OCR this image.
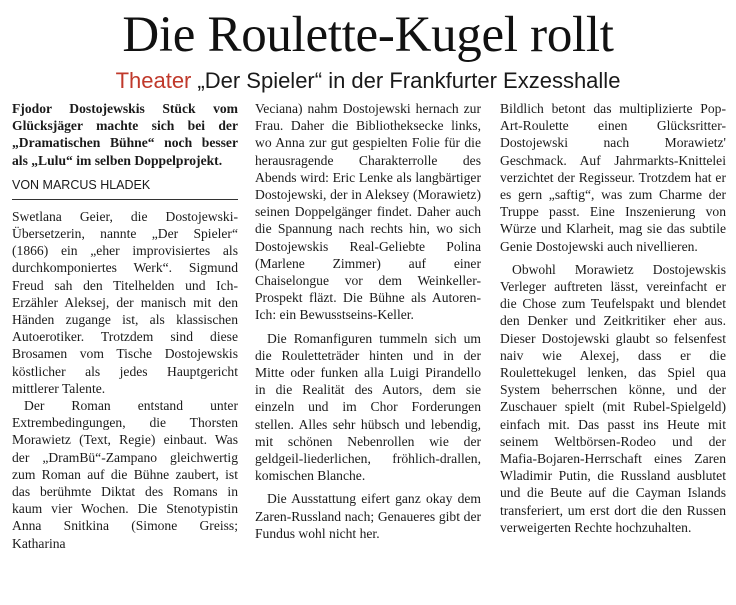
Die Roulette-Kugel rollt
Theater „Der Spieler“ in der Frankfurter Exzesshalle

Fjodor Dostojewskis Stück vom Glücksjäger machte sich bei der „Dramatischen Bühne“ noch besser als „Lulu“ im selben Doppelprojekt.

VON MARCUS HLADEK

Swetlana Geier, die Dostojewski-Übersetzerin, nannte „Der Spieler“ (1866) ein „eher improvisiertes als durchkomponiertes Werk“. Sigmund Freud sah den Titelhelden und Ich-Erzähler Aleksej, der manisch mit den Händen zugange ist, als klassischen Autoerotiker. Trotzdem sind diese Brosamen vom Tische Dostojewskis köstlicher als jedes Hauptgericht mittlerer Talente.

Der Roman entstand unter Extrembedingungen, die Thorsten Morawietz (Text, Regie) einbaut. Was der „DramBü“-Zampano gleichwertig zum Roman auf die Bühne zaubert, ist das berühmte Diktat des Romans in kaum vier Wochen. Die Stenotypistin Anna Snitkina (Simone Greiss; Katharina

Veciana) nahm Dostojewski hernach zur Frau. Daher die Bibliotheksecke links, wo Anna zur gut gespielten Folie für die herausragende Charakterrolle des Abends wird: Eric Lenke als langbärtiger Dostojewski, der in Aleksey (Morawietz) seinen Doppelgänger findet. Daher auch die Spannung nach rechts hin, wo sich Dostojewskis Real-Geliebte Polina (Marlene Zimmer) auf einer Chaiselongue vor dem Weinkeller-Prospekt fläzt. Die Bühne als Autoren-Ich: ein Bewusstseins-Keller.

Die Romanfiguren tummeln sich um die Rouletteträder hinten und in der Mitte oder funken alla Luigi Pirandello in die Realität des Autors, dem sie einzeln und im Chor Forderungen stellen. Alles sehr hübsch und lebendig, mit schönen Nebenrollen wie der geldgeil-liederlichen, fröhlich-drallen, komischen Blanche.

Die Ausstattung eifert ganz okay dem Zaren-Russland nach; Genaueres gibt der Fundus wohl nicht her.

Bildlich betont das multiplizierte Pop-Art-Roulette einen Glücksritter-Dostojewski nach Morawietz' Geschmack. Auf Jahrmarkts-Knittelei verzichtet der Regisseur. Trotzdem hat er es gern „saftig“, was zum Charme der Truppe passt. Eine Inszenierung von Würze und Klarheit, mag sie das subtile Genie Dostojewski auch nivellieren.

Obwohl Morawietz Dostojewskis Verleger auftreten lässt, vereinfacht er die Chose zum Teufelspakt und blendet den Denker und Zeitkritiker eher aus. Dieser Dostojewski glaubt so felsenfest naiv wie Alexej, dass er die Roulettekugel lenken, das Spiel qua System beherrschen könne, und der Zuschauer spielt (mit Rubel-Spielgeld) einfach mit. Das passt ins Heute mit seinem Weltbörsen-Rodeo und der Mafia-Bojaren-Herrschaft eines Zaren Wladimir Putin, die Russland ausblutet und die Beute auf die Cayman Islands transferiert, um erst dort die den Russen verweigerten Rechte hochzuhalten.
